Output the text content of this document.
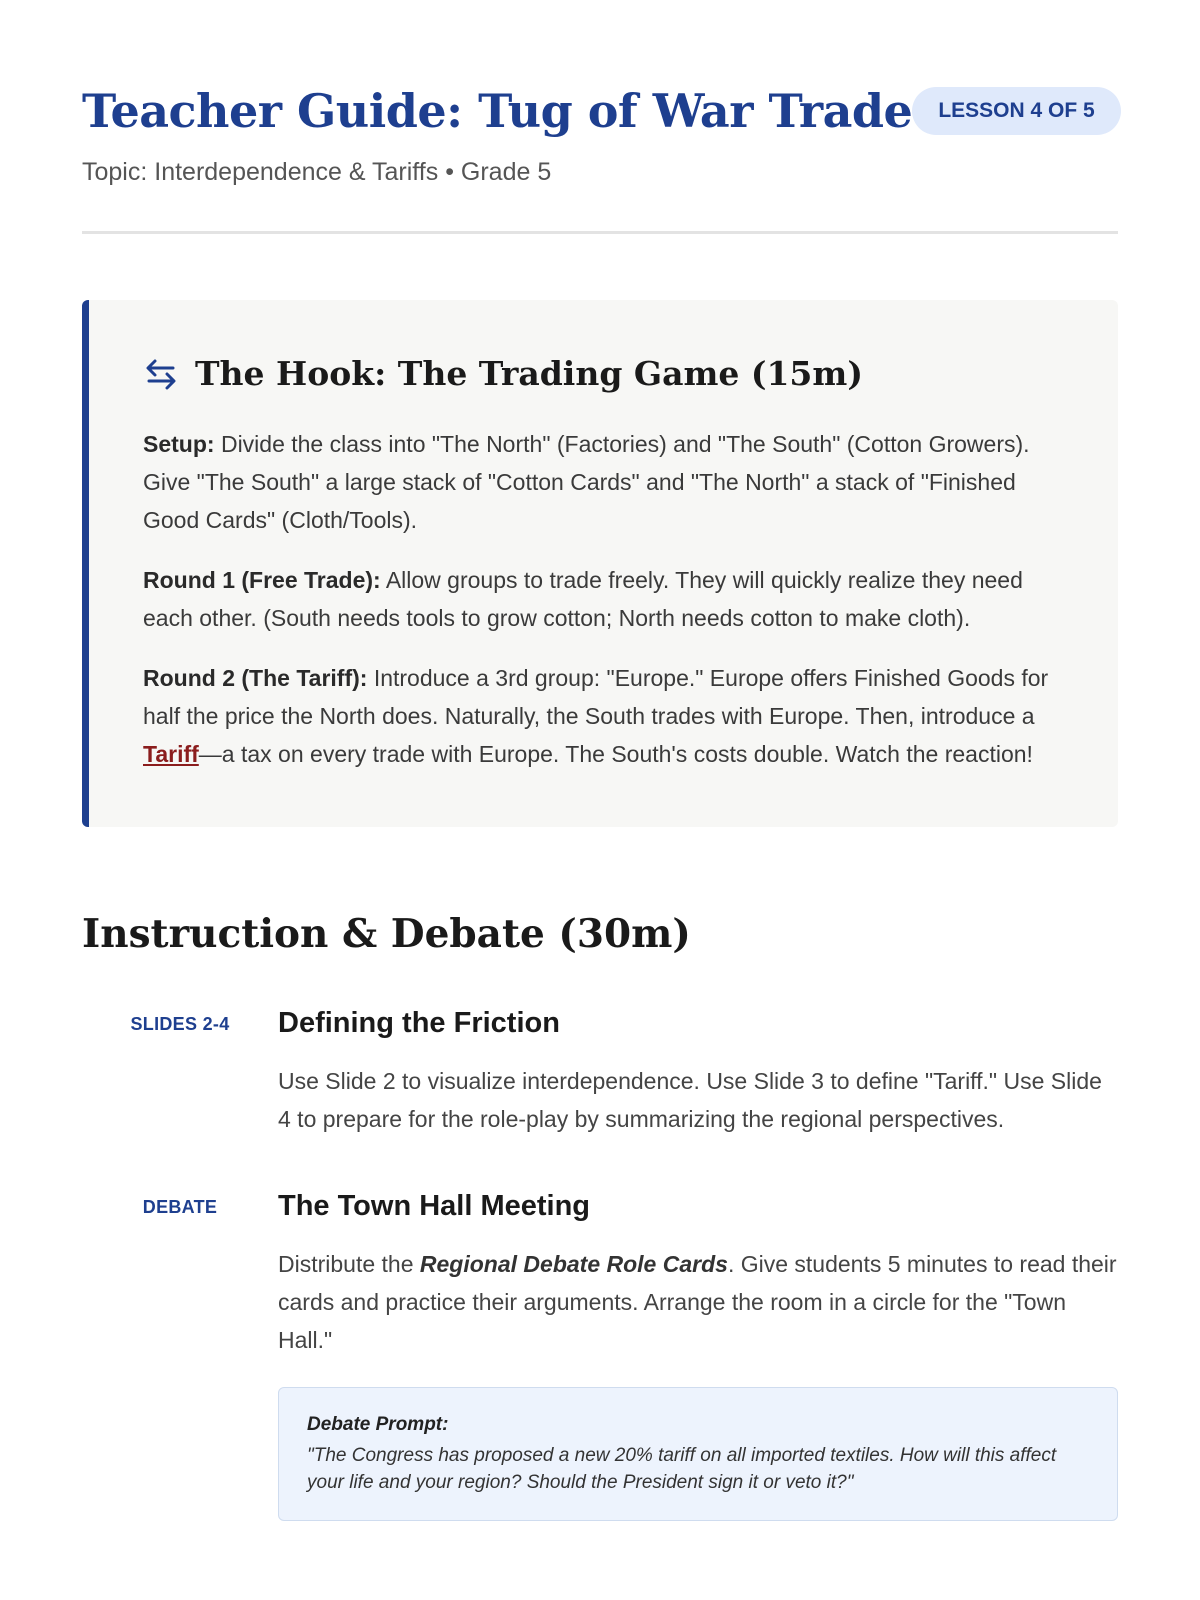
Teacher Guide: Tug of War Trade	LESSON 4 OF 5
Topic: Interdependence & Tariffs • Grade 5
The Hook: The Trading Game (15m)

Setup: Divide the class into "The North" (Factories) and "The South" (Cotton Growers). Give "The South" a large stack of "Cotton Cards" and "The North" a stack of "Finished Good Cards" (Cloth/Tools).

Round 1 (Free Trade): Allow groups to trade freely. They will quickly realize they need each other. (South needs tools to grow cotton; North needs cotton to make cloth).

Round 2 (The Tariff): Introduce a 3rd group: "Europe." Europe offers Finished Goods for half the price the North does. Naturally, the South trades with Europe. Then, introduce a Tariff—a tax on every trade with Europe. The South's costs double. Watch the reaction!

Instruction & Debate (30m)
SLIDES 2-4	Defining the Friction

Use Slide 2 to visualize interdependence. Use Slide 3 to define "Tariff." Use Slide 4 to prepare for the role-play by summarizing the regional perspectives.

DEBATE	The Town Hall Meeting

Distribute the Regional Debate Role Cards. Give students 5 minutes to read their cards and practice their arguments. Arrange the room in a circle for the "Town Hall."

Debate Prompt:
"The Congress has proposed a new 20% tariff on all imported textiles. How will this affect your life and your region? Should the President sign it or veto it?"
